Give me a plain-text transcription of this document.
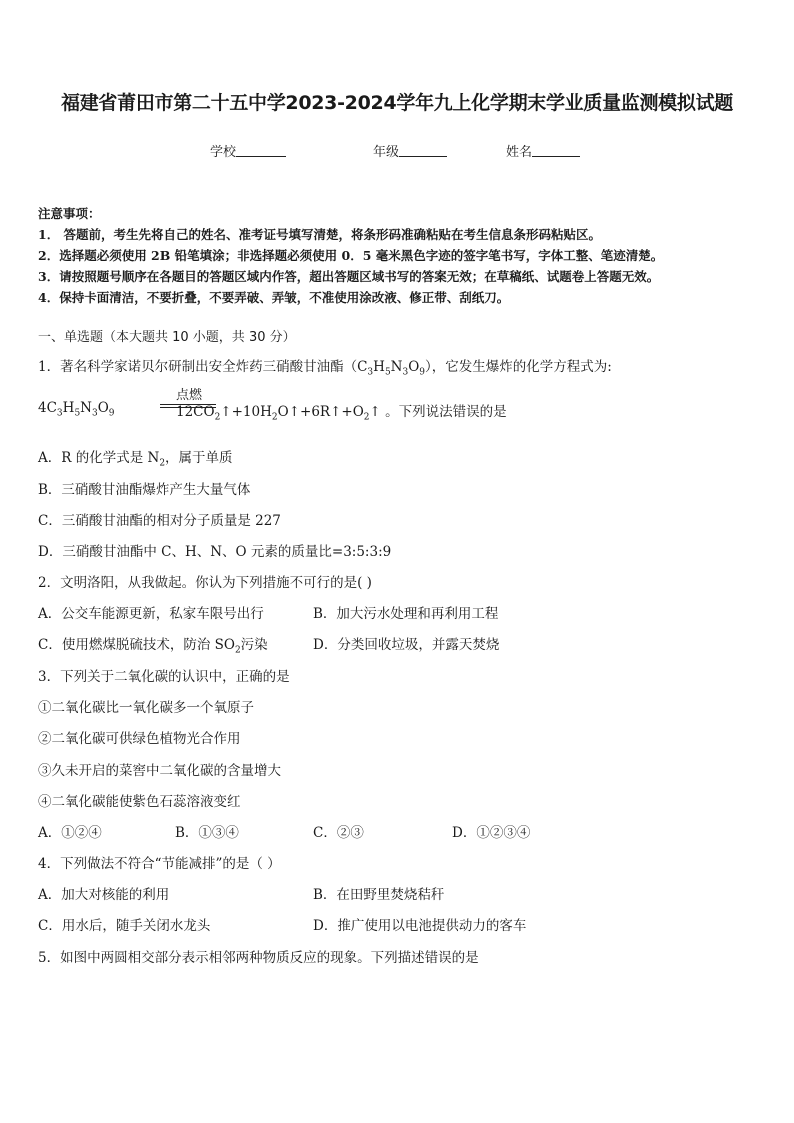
福建省莆田市第二十五中学2023-2024学年九上化学期末学业质量监测模拟试题
学校	年级	姓名
注意事项：
1． 答题前，考生先将自己的姓名、准考证号填写清楚，将条形码准确粘贴在考生信息条形码粘贴区。
2．选择题必须使用 2B 铅笔填涂；非选择题必须使用 0．5 毫米黑色字迹的签字笔书写，字体工整、笔迹清楚。
3．请按照题号顺序在各题目的答题区域内作答，超出答题区域书写的答案无效；在草稿纸、试题卷上答题无效。
4．保持卡面清洁，不要折叠，不要弄破、弄皱，不准使用涂改液、修正带、刮纸刀。
一、单选题（本大题共 10 小题，共 30 分）
1．著名科学家诺贝尔研制出安全炸药三硝酸甘油酯$(C_3H_5N_3O_9)$，它发生爆炸的化学方程式为:
$4C_3H_5N_3O_9$
点燃
$12CO_2↑+10H_2O↑+6R↑+O_2↑$ 。下列说法错误的是
A．R 的化学式是 $N_2$，属于单质
B．三硝酸甘油酯爆炸产生大量气体
C．三硝酸甘油酯的相对分子质量是 227
D．三硝酸甘油酯中 C、H、N、O 元素的质量比=3:5:3:9
2．文明洛阳，从我做起。你认为下列措施不可行的是( )
A．公交车能源更新，私家车限号出行	B．加大污水处理和再利用工程
C．使用燃煤脱硫技术，防治 $SO_2$污染	D．分类回收垃圾，并露天焚烧
3．下列关于二氧化碳的认识中，正确的是
①二氧化碳比一氧化碳多一个氧原子
②二氧化碳可供绿色植物光合作用
③久未开启的菜窖中二氧化碳的含量增大
④二氧化碳能使紫色石蕊溶液变红
A．①②④	B．①③④	C．②③	D．①②③④
4．下列做法不符合“节能减排”的是（ ）
A．加大对核能的利用	B．在田野里焚烧秸秆
C．用水后，随手关闭水龙头	D．推广使用以电池提供动力的客车
5．如图中两圆相交部分表示相邻两种物质反应的现象。下列描述错误的是
